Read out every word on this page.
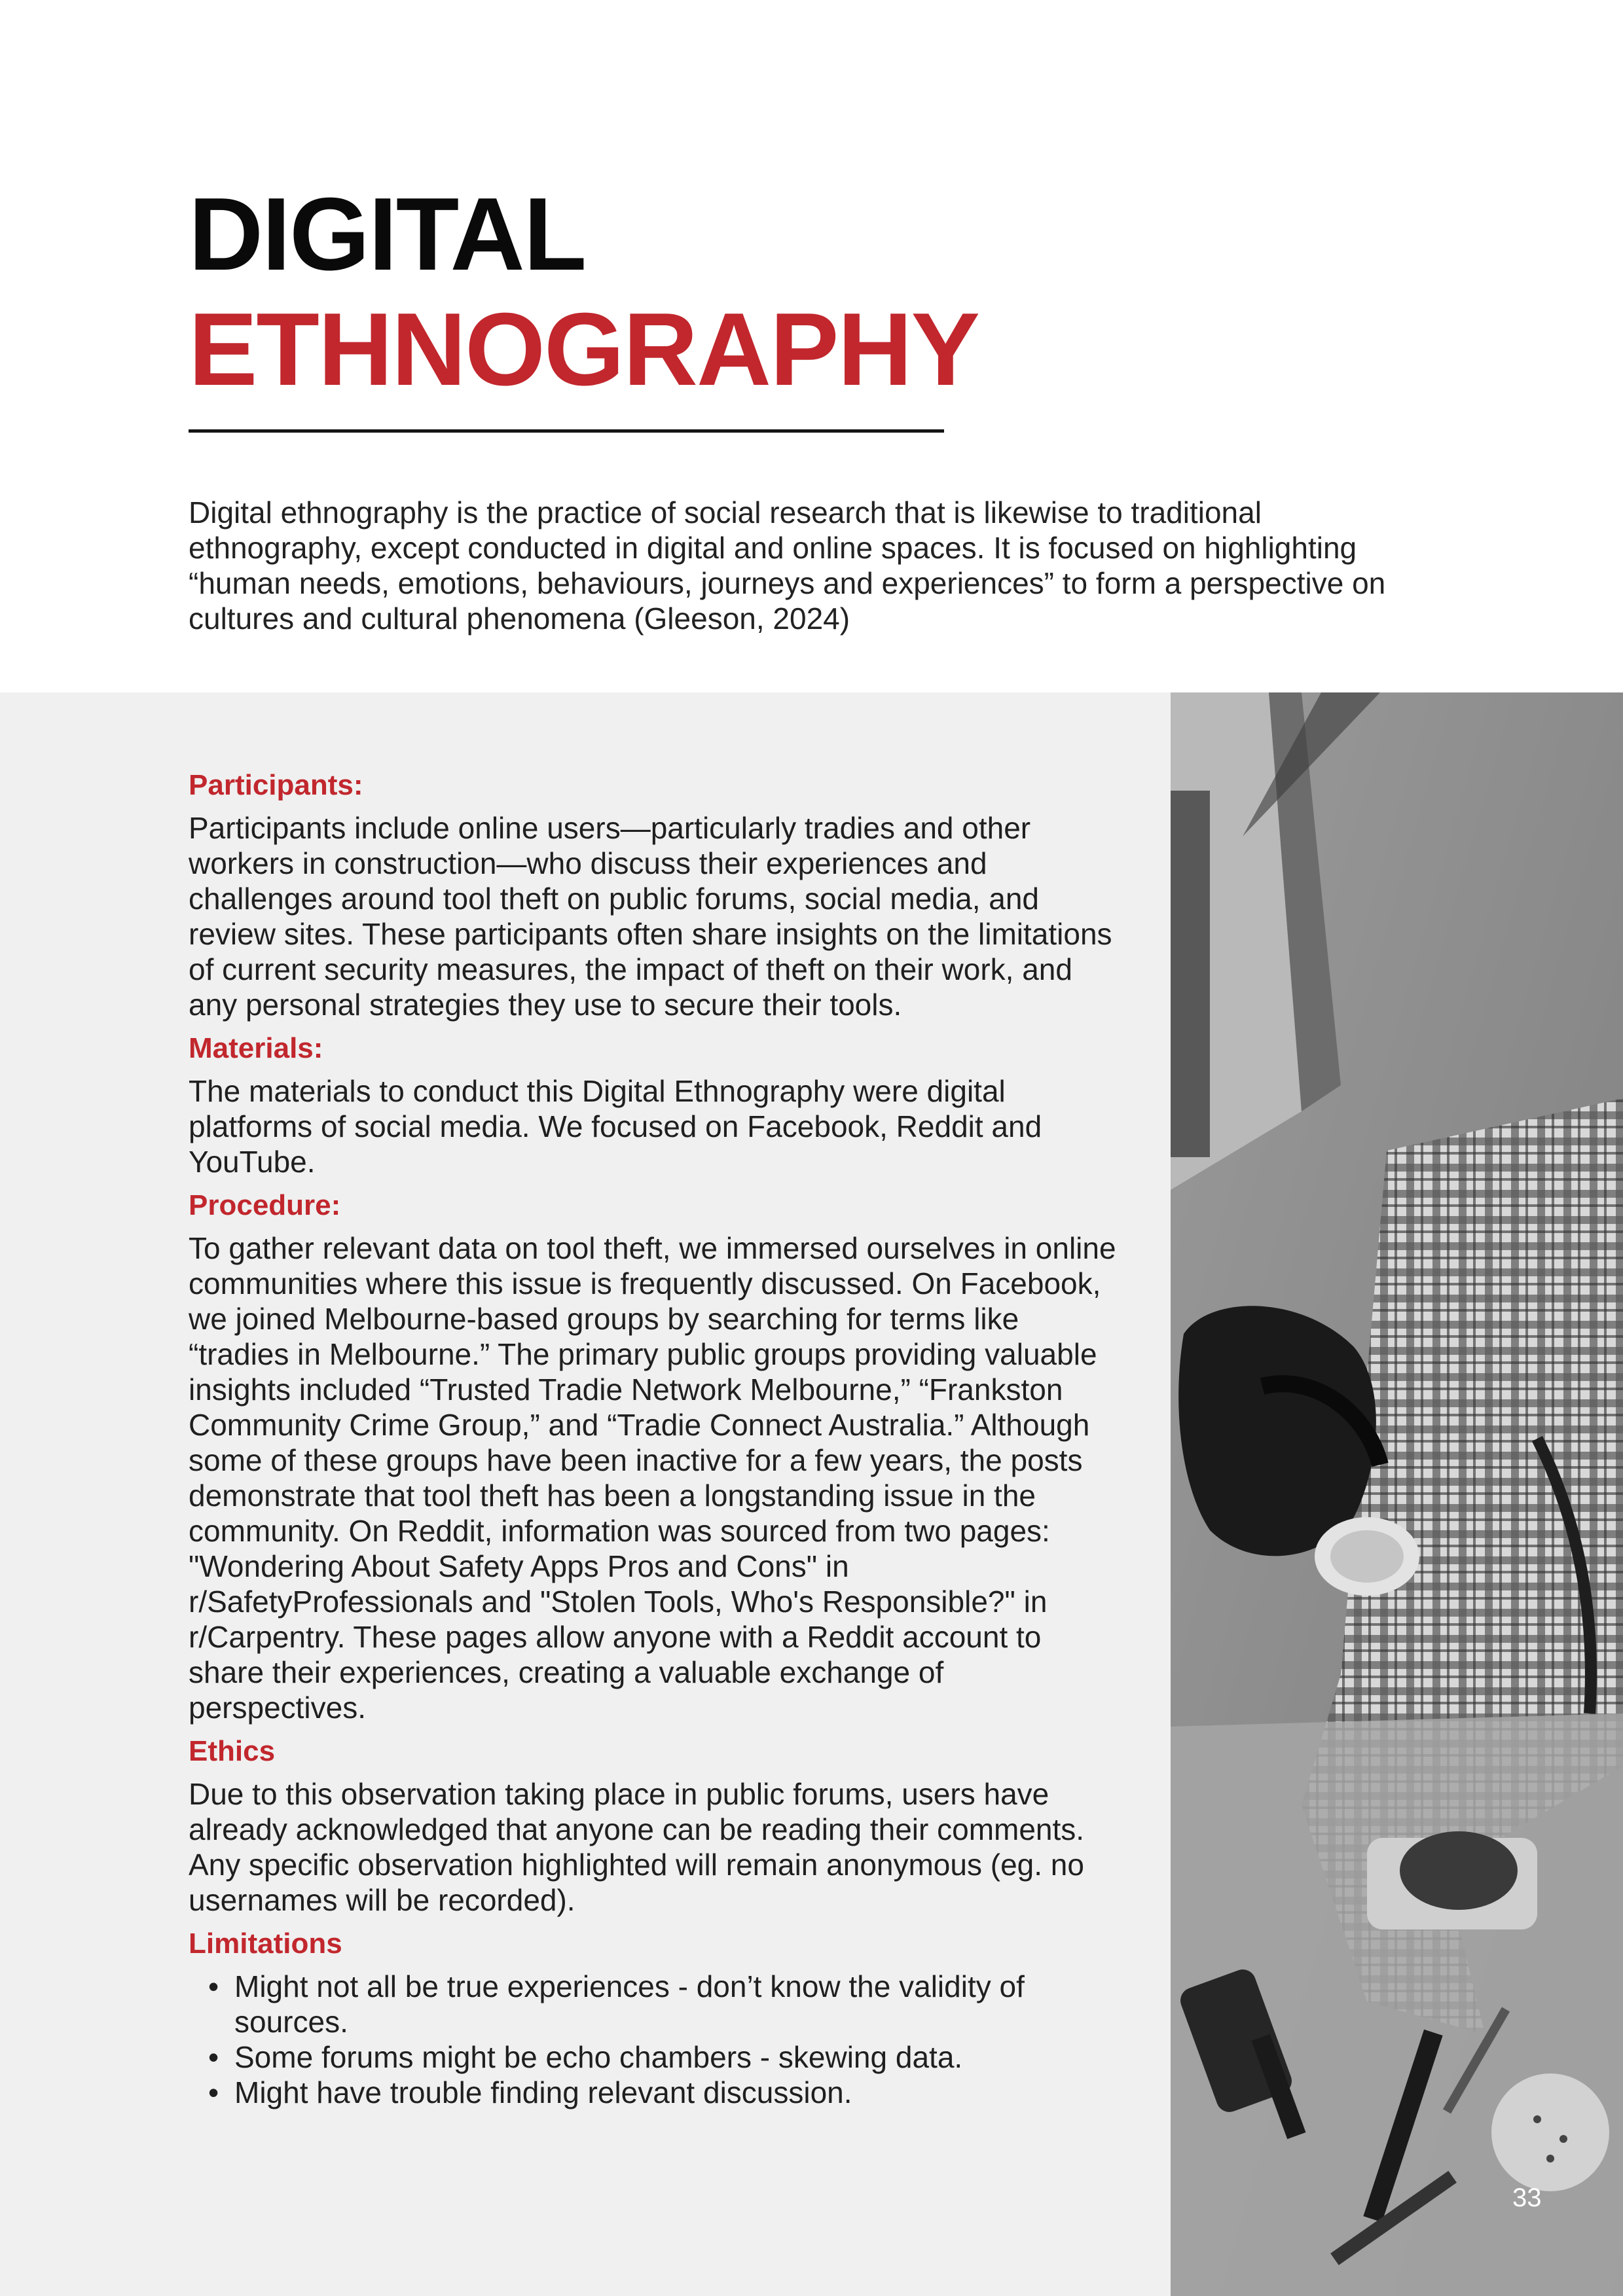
DIGITAL
ETHNOGRAPHY

Digital ethnography is the practice of social research that is likewise to traditional ethnography, except conducted in digital and online spaces. It is focused on highlighting “human needs, emotions, behaviours, journeys and experiences” to form a perspective on cultures and cultural phenomena (Gleeson, 2024)

Participants:

Participants include online users—particularly tradies and other workers in construction—who discuss their experiences and challenges around tool theft on public forums, social media, and review sites. These participants often share insights on the limitations of current security measures, the impact of theft on their work, and any personal strategies they use to secure their tools.

Materials:

The materials to conduct this Digital Ethnography were digital platforms of social media. We focused on Facebook, Reddit and YouTube.

Procedure:

To gather relevant data on tool theft, we immersed ourselves in online communities where this issue is frequently discussed. On Facebook, we joined Melbourne-based groups by searching for terms like “tradies in Melbourne.” The primary public groups providing valuable insights included “Trusted Tradie Network Melbourne,” “Frankston Community Crime Group,” and “Tradie Connect Australia.” Although some of these groups have been inactive for a few years, the posts demonstrate that tool theft has been a longstanding issue in the community. On Reddit, information was sourced from two pages: "Wondering About Safety Apps Pros and Cons" in r/SafetyProfessionals and "Stolen Tools, Who's Responsible?" in r/Carpentry. These pages allow anyone with a Reddit account to share their experiences, creating a valuable exchange of perspectives.

Ethics

Due to this observation taking place in public forums, users have already acknowledged that anyone can be reading their comments. Any specific observation highlighted will remain anonymous (eg. no usernames will be recorded).

Limitations
• Might not all be true experiences - don’t know the validity of sources.
• Some forums might be echo chambers - skewing data.
• Might have trouble finding relevant discussion.
33
